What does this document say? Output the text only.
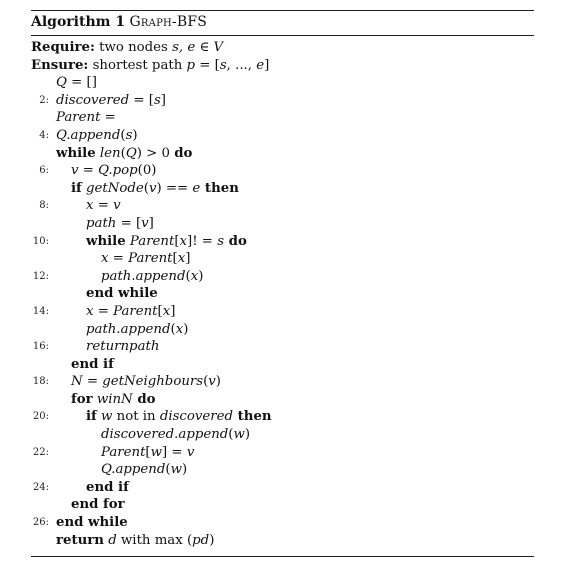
Algorithm 1 Graph-BFS
Require: two nodes s, e ∈ V
Ensure: shortest path p = [s, ..., e]
Q = []
2: discovered = [s]
Parent =
4: Q.append(s)
while len(Q) > 0 do
6: v = Q.pop(0)
if getNode(v) == e then
8:	x = v
path = [v]
10:	while Parent[x]! = s do
x = Parent[x]
12:	path.append(x)
end while
14:	x = Parent[x]
path.append(x)
16:	returnpath
end if
18: N = getNeighbours(v)
for winN do
20:	if w not in discovered then
discovered.append(w)
22:	Parent[w] = v
Q.append(w)
24:	end if
end for
26: end while
return d with max (pd)
